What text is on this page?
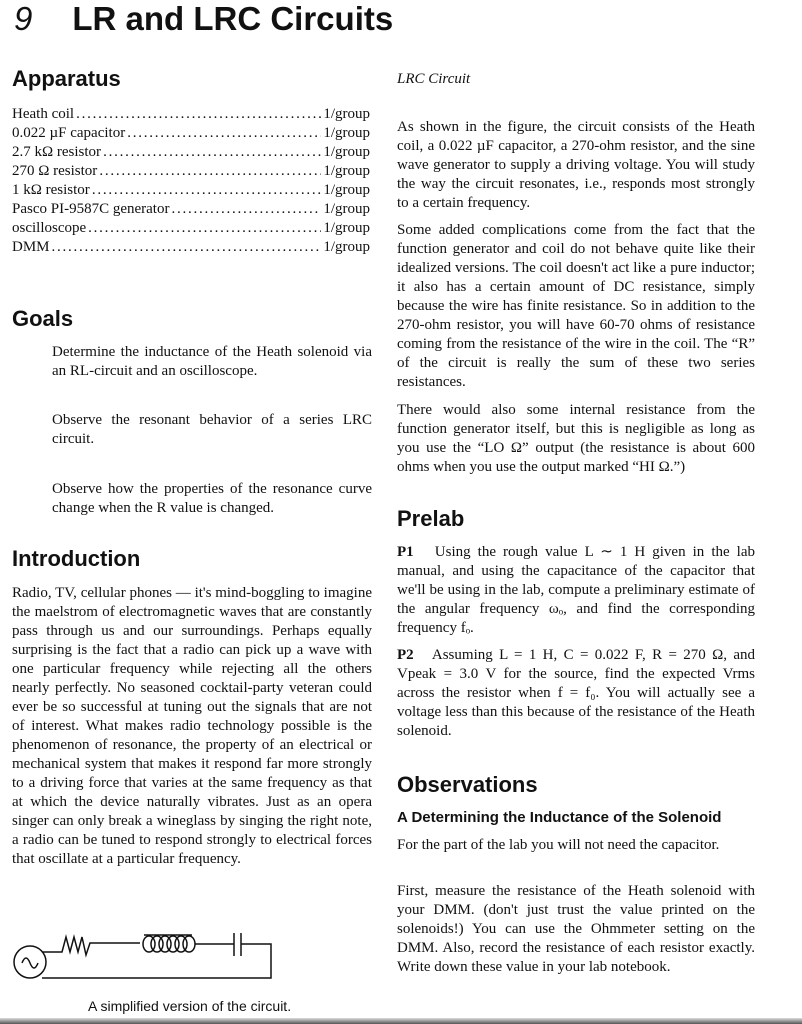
9 LR and LRC Circuits
Apparatus
Heath coil . . .	1/group
0.022 µF capacitor . . .	1/group
2.7 kΩ resistor . . .	1/group
270 Ω resistor . . .	1/group
1 kΩ resistor . . .	1/group
Pasco PI-9587C generator . . .	1/group
oscilloscope . . .	1/group
DMM . . .	1/group
Goals

Determine the inductance of the Heath solenoid via an RL-circuit and an oscilloscope.

Observe the resonant behavior of a series LRC circuit.

Observe how the properties of the resonance curve change when the R value is changed.

Introduction

Radio, TV, cellular phones — it's mind-boggling to imagine the maelstrom of electromagnetic waves that are constantly pass through us and our surroundings. Perhaps equally surprising is the fact that a radio can pick up a wave with one particular frequency while rejecting all the others nearly perfectly. No seasoned cocktail-party veteran could ever be so successful at tuning out the signals that are not of interest. What makes radio technology possible is the phenomenon of resonance, the property of an electrical or mechanical system that makes it respond far more strongly to a driving force that varies at the same frequency as that at which the device naturally vibrates. Just as an opera singer can only break a wineglass by singing the right note, a radio can be tuned to respond strongly to electrical forces that oscillate at a particular frequency.

A simplified version of the circuit.
LRC Circuit

As shown in the figure, the circuit consists of the Heath coil, a 0.022 µF capacitor, a 270-ohm resistor, and the sine wave generator to supply a driving voltage. You will study the way the circuit resonates, i.e., responds most strongly to a certain frequency.

Some added complications come from the fact that the function generator and coil do not behave quite like their idealized versions. The coil doesn't act like a pure inductor; it also has a certain amount of DC resistance, simply because the wire has finite resistance. So in addition to the 270-ohm resistor, you will have 60-70 ohms of resistance coming from the resistance of the wire in the coil. The “R” of the circuit is really the sum of these two series resistances.

There would also some internal resistance from the function generator itself, but this is negligible as long as you use the “LO Ω” output (the resistance is about 600 ohms when you use the output marked “HI Ω.”)

Prelab

P1 Using the rough value L ∼ 1 H given in the lab manual, and using the capacitance of the capacitor that we'll be using in the lab, compute a preliminary estimate of the angular frequency ωₒ, and find the corresponding frequency fₒ.

P2 Assuming L = 1 H, C = 0.022 F, R = 270 Ω, and Vpeak = 3.0 V for the source, find the expected Vrms across the resistor when f = f₀. You will actually see a voltage less than this because of the resistance of the Heath solenoid.

Observations
A Determining the Inductance of the Solenoid

For the part of the lab you will not need the capacitor.

First, measure the resistance of the Heath solenoid with your DMM. (don't just trust the value printed on the solenoids!) You can use the Ohmmeter setting on the DMM. Also, record the resistance of each resistor exactly. Write down these value in your lab notebook.
